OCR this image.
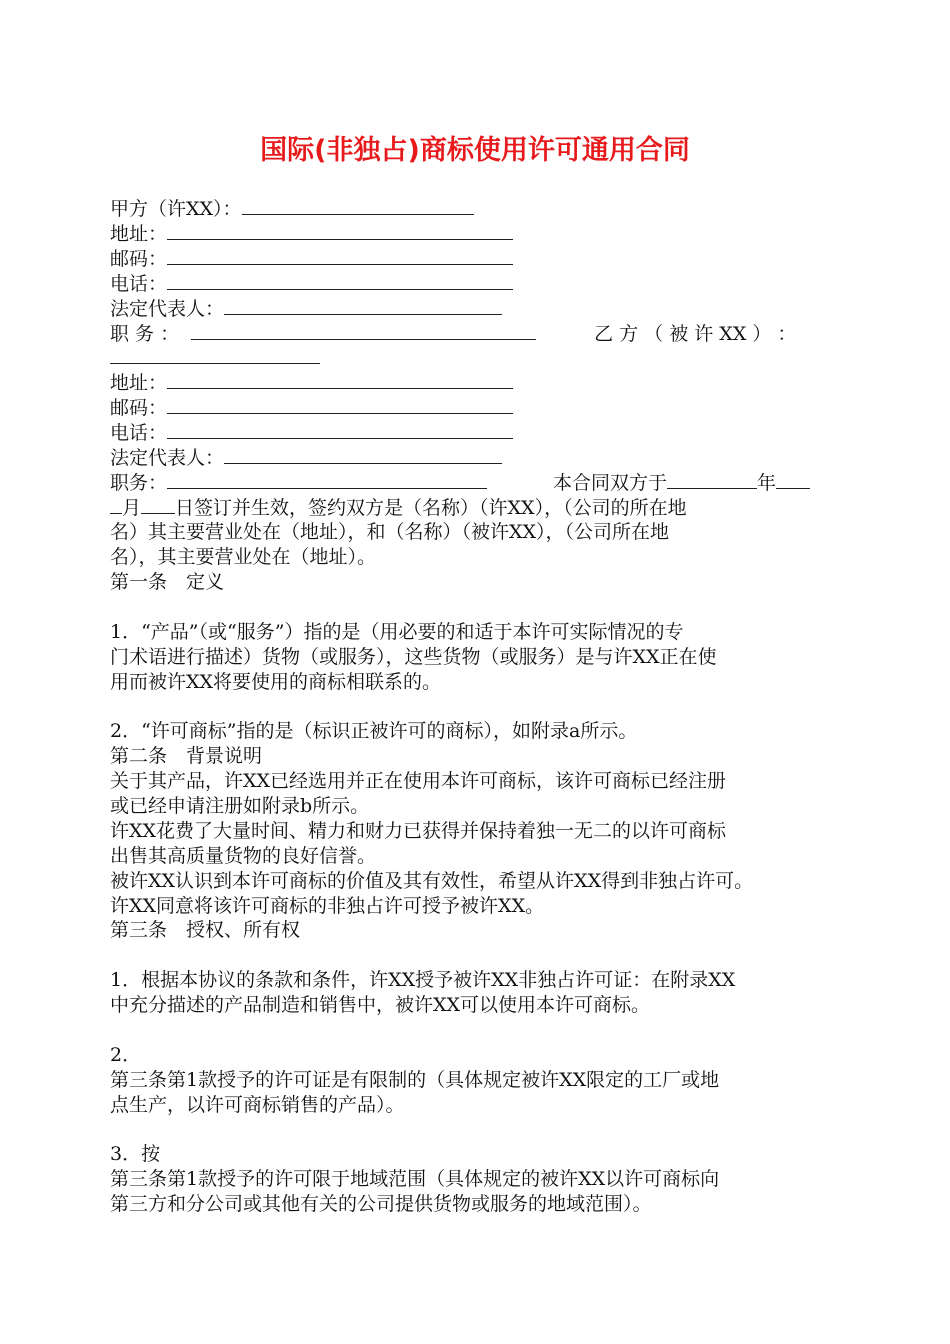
国际(非独占)商标使用许可通用合同
甲方（许XX）：
地址：
邮码：
电话：
法定代表人：
职 务 ：	乙 方 （ 被 许 XX ） ：
地址：
邮码：
电话：
法定代表人：
职务：	本合同双方于	年
月 日签订并生效，签约双方是（名称）（许XX），（公司的所在地
名）其主要营业处在（地址），和（名称）（被许XX），（公司所在地
名），其主要营业处在（地址）。
第一条　定义
1．“产品”（或“服务”）指的是（用必要的和适于本许可实际情况的专
门术语进行描述）货物（或服务），这些货物（或服务）是与许XX正在使
用而被许XX将要使用的商标相联系的。
2．“许可商标”指的是（标识正被许可的商标），如附录a所示。
第二条　背景说明
关于其产品，许XX已经选用并正在使用本许可商标，该许可商标已经注册
或已经申请注册如附录b所示。
许XX花费了大量时间、精力和财力已获得并保持着独一无二的以许可商标
出售其高质量货物的良好信誉。
被许XX认识到本许可商标的价值及其有效性，希望从许XX得到非独占许可。
许XX同意将该许可商标的非独占许可授予被许XX。
第三条　授权、所有权
1．根据本协议的条款和条件，许XX授予被许XX非独占许可证：在附录XX
中充分描述的产品制造和销售中，被许XX可以使用本许可商标。
2．
第三条第1款授予的许可证是有限制的（具体规定被许XX限定的工厂或地
点生产，以许可商标销售的产品）。
3．按
第三条第1款授予的许可限于地域范围（具体规定的被许XX以许可商标向
第三方和分公司或其他有关的公司提供货物或服务的地域范围）。
